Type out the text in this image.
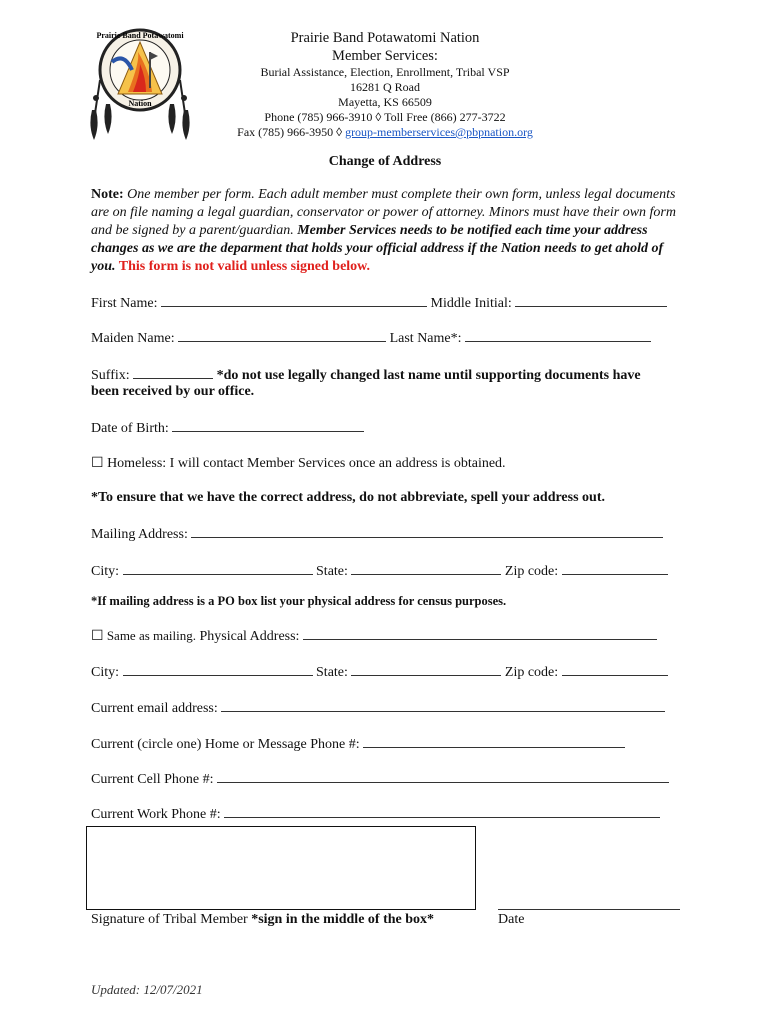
Prairie Band Potawatomi
Nation
Prairie Band Potawatomi Nation
Member Services:
Burial Assistance, Election, Enrollment, Tribal VSP
16281 Q Road
Mayetta, KS 66509
Phone (785) 966-3910 ◊ Toll Free (866) 277-3722
Fax (785) 966-3950 ◊ group-memberservices@pbpnation.org
Change of Address
Note: One member per form. Each adult member must complete their own form, unless legal documents are on file naming a legal guardian, conservator or power of attorney. Minors must have their own form and be signed by a parent/guardian. Member Services needs to be notified each time your address changes as we are the deparment that holds your official address if the Nation needs to get ahold of you. This form is not valid unless signed below.
First Name:	Middle Initial:
Maiden Name:	Last Name*:
Suffix:	*do not use legally changed last name until supporting documents have
been received by our office.
Date of Birth:
☐ Homeless: I will contact Member Services once an address is obtained.
*To ensure that we have the correct address, do not abbreviate, spell your address out.
Mailing Address:
City:	State:	Zip code:
*If mailing address is a PO box list your physical address for census purposes.
☐ Same as mailing. Physical Address:
City:	State:	Zip code:
Current email address:
Current (circle one) Home or Message Phone #:
Current Cell Phone #:
Current Work Phone #:
Signature of Tribal Member *sign in the middle of the box*	Date
Updated: 12/07/2021
